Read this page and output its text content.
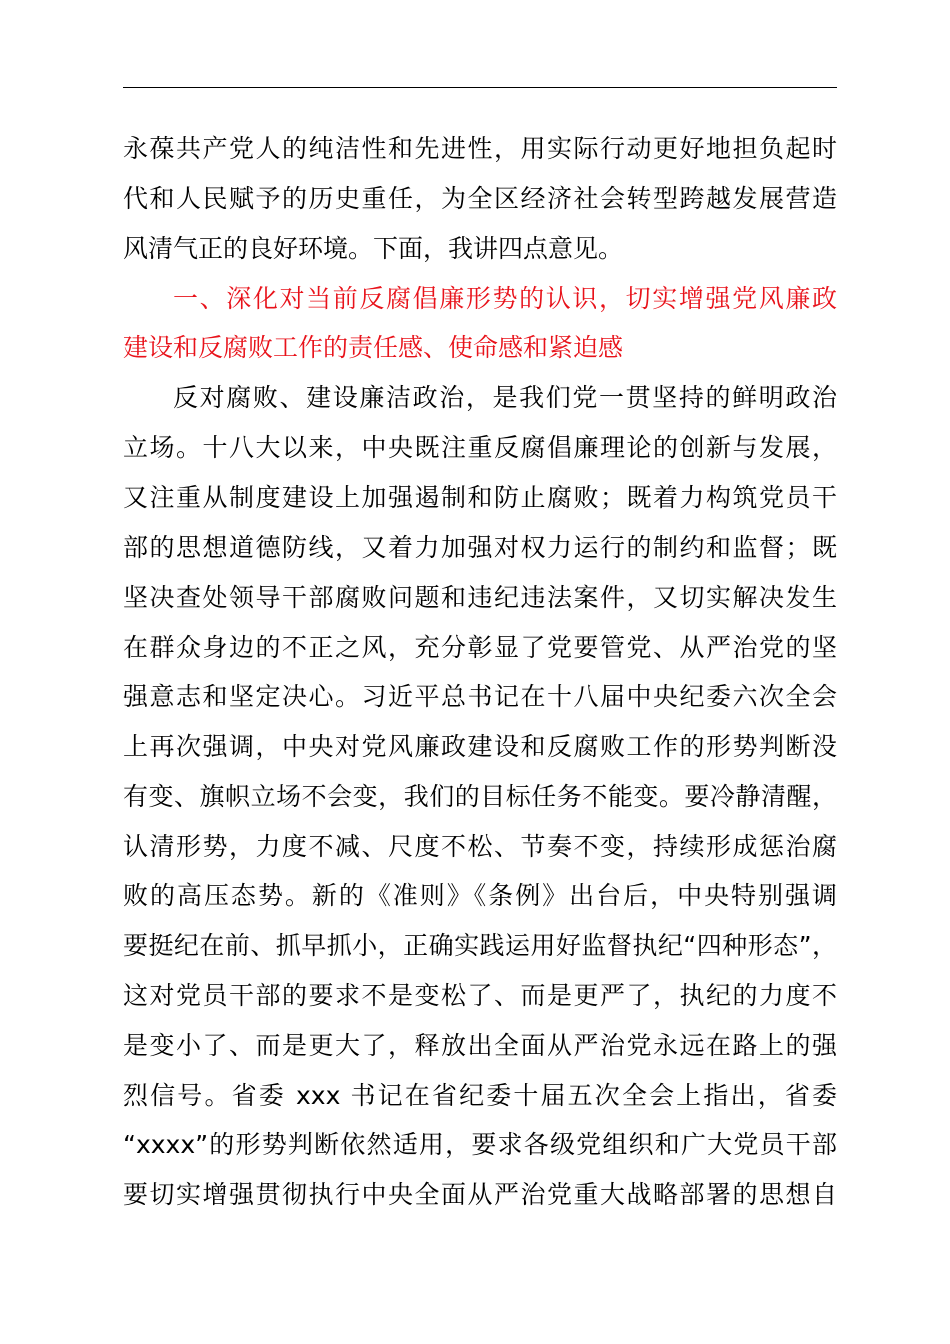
永葆共产党人的纯洁性和先进性，用实际行动更好地担负起时
代和人民赋予的历史重任，为全区经济社会转型跨越发展营造
风清气正的良好环境。下面，我讲四点意见。
一、深化对当前反腐倡廉形势的认识，切实增强党风廉政
建设和反腐败工作的责任感、使命感和紧迫感
反对腐败、建设廉洁政治，是我们党一贯坚持的鲜明政治
立场。十八大以来，中央既注重反腐倡廉理论的创新与发展，
又注重从制度建设上加强遏制和防止腐败；既着力构筑党员干
部的思想道德防线，又着力加强对权力运行的制约和监督；既
坚决查处领导干部腐败问题和违纪违法案件，又切实解决发生
在群众身边的不正之风，充分彰显了党要管党、从严治党的坚
强意志和坚定决心。习近平总书记在十八届中央纪委六次全会
上再次强调，中央对党风廉政建设和反腐败工作的形势判断没
有变、旗帜立场不会变，我们的目标任务不能变。要冷静清醒，
认清形势，力度不减、尺度不松、节奏不变，持续形成惩治腐
败的高压态势。新的《准则》《条例》出台后，中央特别强调
要挺纪在前、抓早抓小，正确实践运用好监督执纪“四种形态”，
这对党员干部的要求不是变松了、而是更严了，执纪的力度不
是变小了、而是更大了，释放出全面从严治党永远在路上的强
烈信号。省委 xxx 书记在省纪委十届五次全会上指出，省委
“xxxx”的形势判断依然适用，要求各级党组织和广大党员干部
要切实增强贯彻执行中央全面从严治党重大战略部署的思想自
